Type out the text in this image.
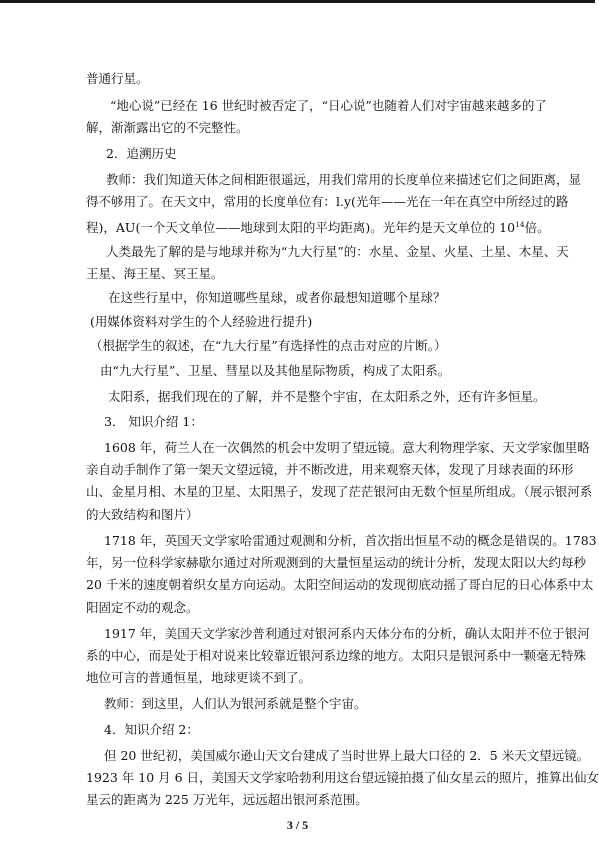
普通行星。
“地心说”已经在 16 世纪时被否定了，“日心说”也随着人们对宇宙越来越多的了
解，渐渐露出它的不完整性。
2．追溯历史
教师：我们知道天体之间相距很遥远，用我们常用的长度单位来描述它们之间距离，显
得不够用了。在天文中，常用的长度单位有：l.y(光年——光在一年在真空中所经过的路
程)，AU(一个天文单位——地球到太阳的平均距离)。光年约是天文单位的 $10^{14}$倍。
人类最先了解的是与地球并称为“九大行星”的：水星、金星、火星、土星、木星、天
王星、海王星、冥王星。
在这些行星中，你知道哪些星球，或者你最想知道哪个星球？
(用媒体资料对学生的个人经验进行提升)
（根据学生的叙述，在“九大行星”有选择性的点击对应的片断。）
由“九大行星”、卫星、彗星以及其他星际物质，构成了太阳系。
太阳系，据我们现在的了解，并不是整个宇宙，在太阳系之外，还有许多恒星。
3． 知识介绍 1：
1608 年，荷兰人在一次偶然的机会中发明了望远镜。意大利物理学家、天文学家伽里略
亲自动手制作了第一架天文望远镜，并不断改进，用来观察天体，发现了月球表面的环形
山、金星月相、木星的卫星、太阳黑子，发现了茫茫银河由无数个恒星所组成。（展示银河系
的大致结构和图片）
1718 年，英国天文学家哈雷通过观测和分析，首次指出恒星不动的概念是错误的。1783
年，另一位科学家赫歇尔通过对所观测到的大量恒星运动的统计分析，发现太阳以大约每秒
20 千米的速度朝着织女星方向运动。太阳空间运动的发现彻底动摇了哥白尼的日心体系中太
阳固定不动的观念。
1917 年，美国天文学家沙普利通过对银河系内天体分布的分析，确认太阳并不位于银河
系的中心，而是处于相对说来比较靠近银河系边缘的地方。太阳只是银河系中一颗毫无特殊
地位可言的普通恒星，地球更谈不到了。
教师：到这里，人们认为银河系就是整个宇宙。
4．知识介绍 2：
但 20 世纪初，美国威尔逊山天文台建成了当时世界上最大口径的 2．5 米天文望远镜。
1923 年 10 月 6 日，美国天文学家哈勃利用这台望远镜拍摄了仙女星云的照片，推算出仙女
星云的距离为 225 万光年，远远超出银河系范围。
3 / 5
